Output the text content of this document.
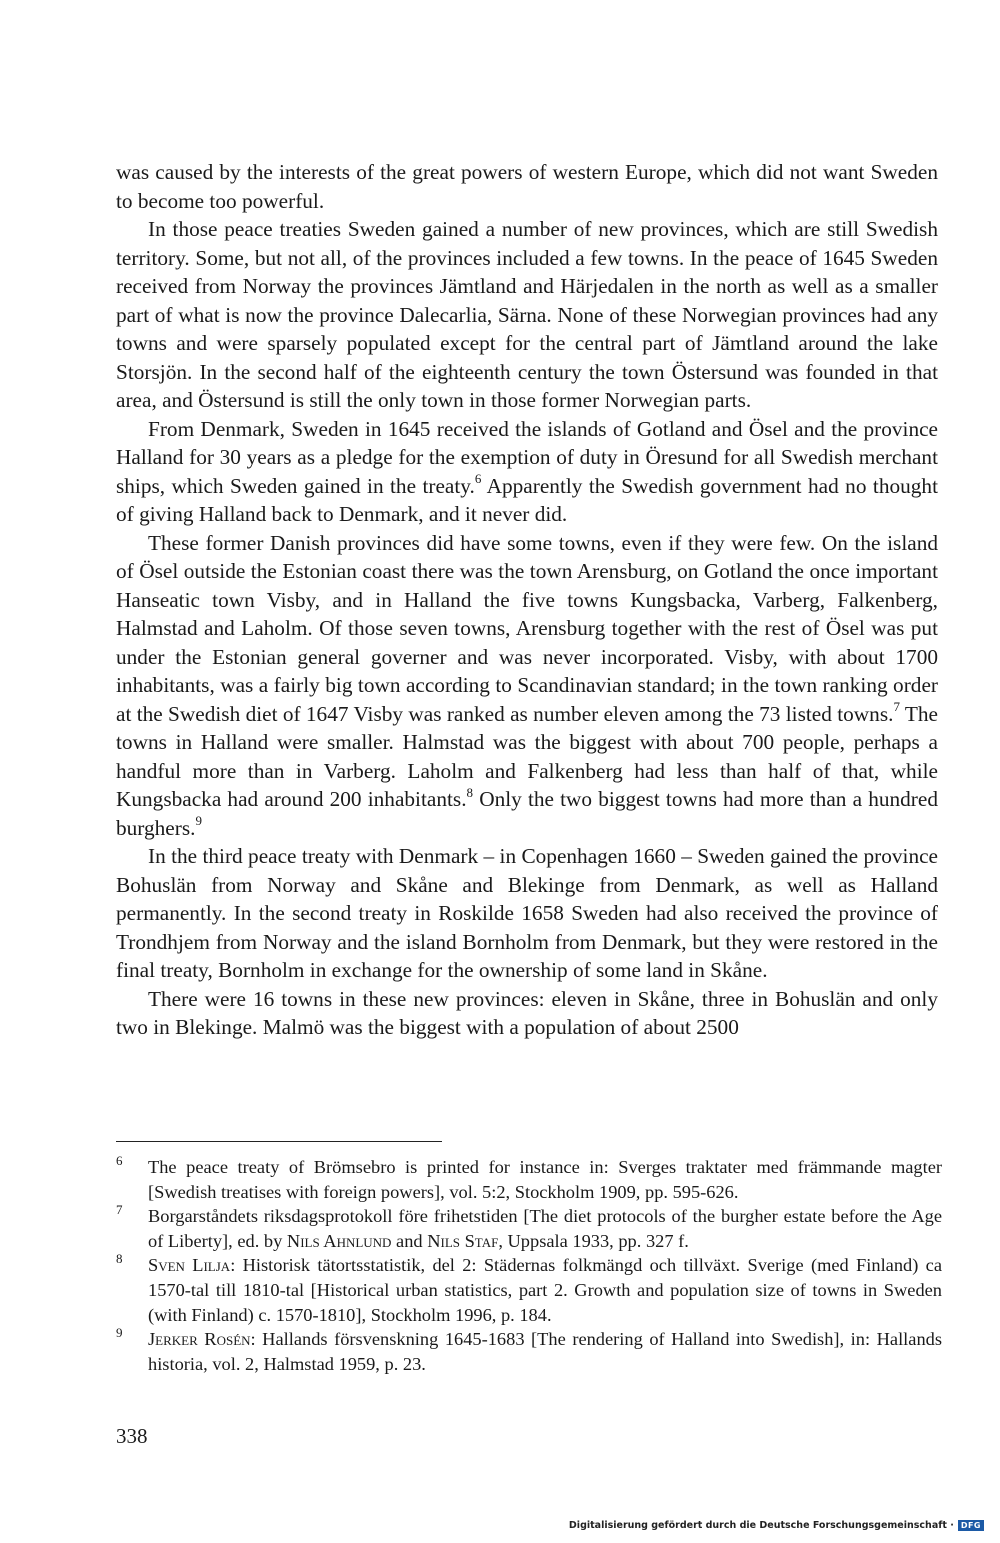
was caused by the interests of the great powers of western Europe, which did not want Sweden to become too powerful.

In those peace treaties Sweden gained a number of new provinces, which are still Swedish territory. Some, but not all, of the provinces included a few towns. In the peace of 1645 Sweden received from Norway the provinces Jämtland and Härjedalen in the north as well as a smaller part of what is now the province Dalecarlia, Särna. None of these Norwegian provinces had any towns and were sparsely populated except for the central part of Jämtland around the lake Storsjön. In the second half of the eighteenth century the town Östersund was founded in that area, and Östersund is still the only town in those former Norwegian parts.

From Denmark, Sweden in 1645 received the islands of Gotland and Ösel and the province Halland for 30 years as a pledge for the exemption of duty in Öresund for all Swedish merchant ships, which Sweden gained in the treaty.$^6$ Apparently the Swedish government had no thought of giving Halland back to Denmark, and it never did.

These former Danish provinces did have some towns, even if they were few. On the island of Ösel outside the Estonian coast there was the town Arensburg, on Gotland the once important Hanseatic town Visby, and in Halland the five towns Kungsbacka, Varberg, Falkenberg, Halmstad and Laholm. Of those seven towns, Arensburg together with the rest of Ösel was put under the Estonian general governer and was never incorporated. Visby, with about 1700 inhabitants, was a fairly big town according to Scandinavian standard; in the town ranking order at the Swedish diet of 1647 Visby was ranked as number eleven among the 73 listed towns.$^7$ The towns in Halland were smaller. Halmstad was the biggest with about 700 people, perhaps a handful more than in Varberg. Laholm and Falkenberg had less than half of that, while Kungsbacka had around 200 inhabitants.$^8$ Only the two biggest towns had more than a hundred burghers.$^9$

In the third peace treaty with Denmark – in Copenhagen 1660 – Sweden gained the province Bohuslän from Norway and Skåne and Blekinge from Denmark, as well as Halland permanently. In the second treaty in Roskilde 1658 Sweden had also received the province of Trondhjem from Norway and the island Bornholm from Denmark, but they were restored in the final treaty, Bornholm in exchange for the ownership of some land in Skåne.

There were 16 towns in these new provinces: eleven in Skåne, three in Bohuslän and only two in Blekinge. Malmö was the biggest with a population of about 2500

6 The peace treaty of Brömsebro is printed for instance in: Sverges traktater med främmande magter [Swedish treatises with foreign powers], vol. 5:2, Stockholm 1909, pp. 595-626.
7 Borgarståndets riksdagsprotokoll före frihetstiden [The diet protocols of the burgher estate before the Age of Liberty], ed. by Nils Ahnlund and Nils Staf, Uppsala 1933, pp. 327 f.
8 Sven Lilja: Historisk tätortsstatistik, del 2: Städernas folkmängd och tillväxt. Sverige (med Finland) ca 1570-tal till 1810-tal [Historical urban statistics, part 2. Growth and population size of towns in Sweden (with Finland) c. 1570-1810], Stockholm 1996, p. 184.
9 Jerker Rosén: Hallands försvenskning 1645-1683 [The rendering of Halland into Swedish], in: Hallands historia, vol. 2, Halmstad 1959, p. 23.
338
Digitalisierung gefördert durch die Deutsche Forschungsgemeinschaft · DFG
